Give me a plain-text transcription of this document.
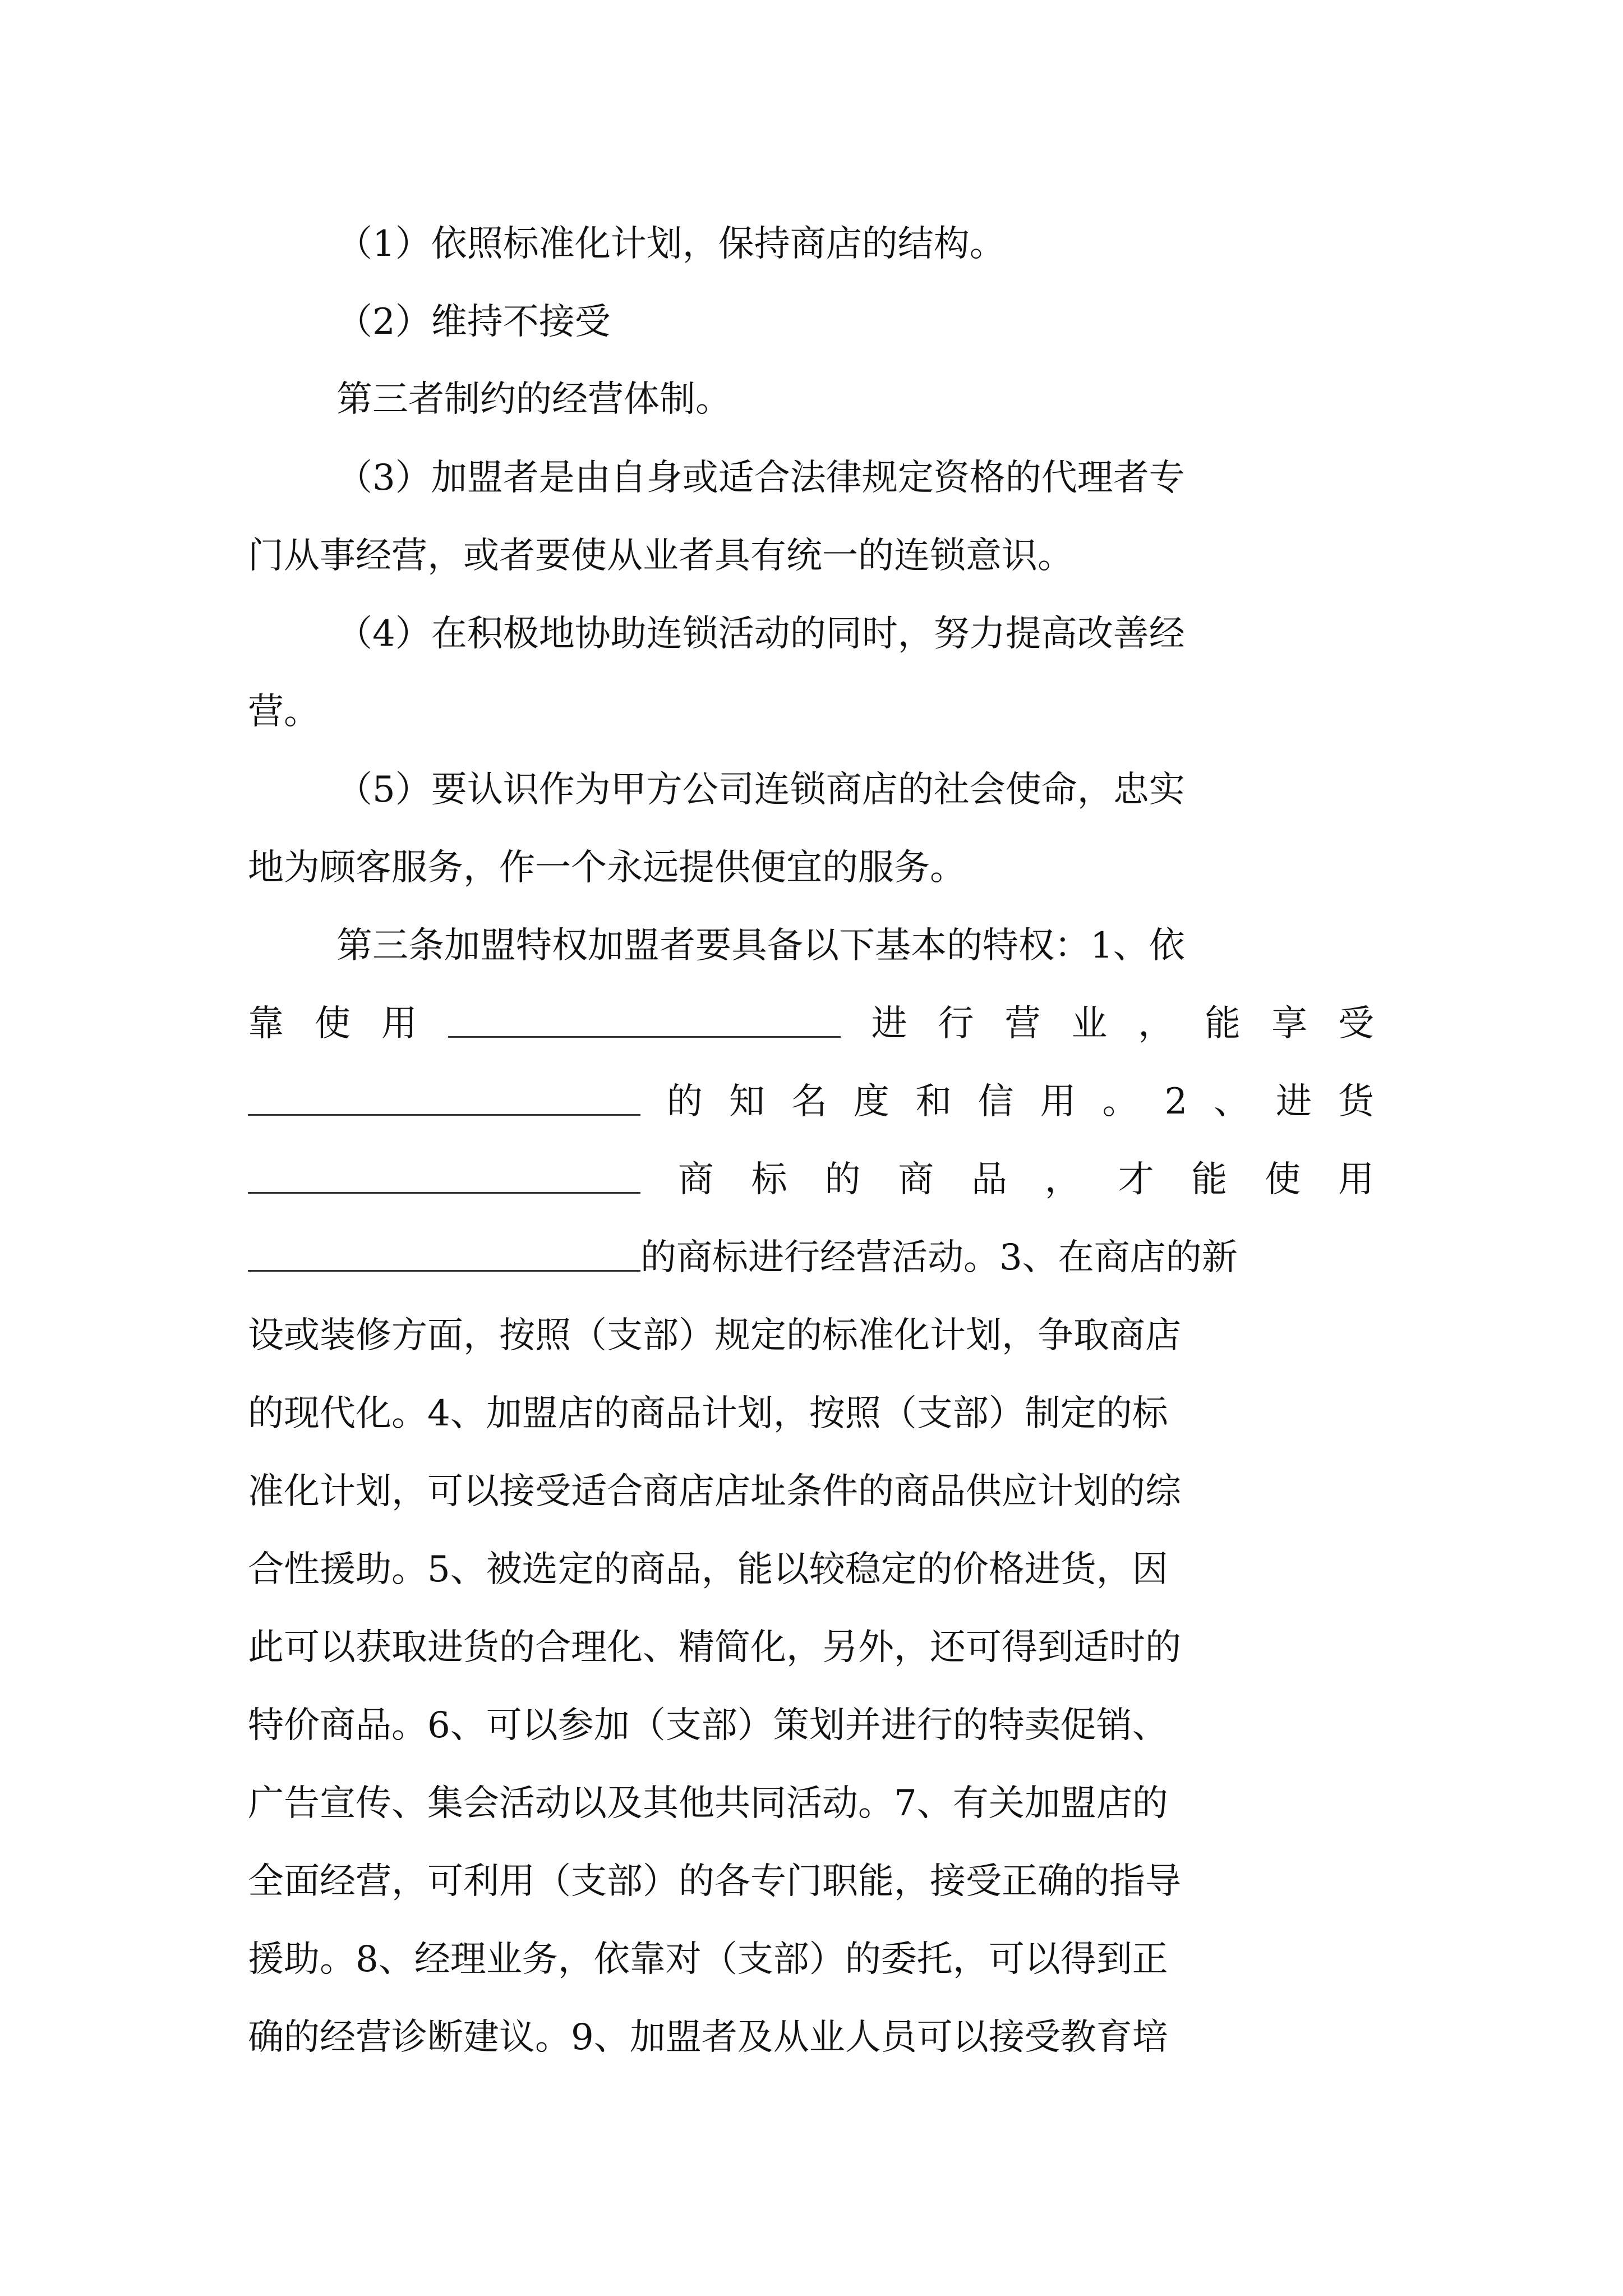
（1）依照标准化计划，保持商店的结构。
（2）维持不接受
第三者制约的经营体制。
（3）加盟者是由自身或适合法律规定资格的代理者专
门从事经营，或者要使从业者具有统一的连锁意识。
（4）在积极地协助连锁活动的同时，努力提高改善经
营。
（5）要认识作为甲方公司连锁商店的社会使命，忠实
地为顾客服务，作一个永远提供便宜的服务。
第三条加盟特权加盟者要具备以下基本的特权：1、依
靠 使 用	进 行 营 业 ， 能 享 受
的 知 名 度 和 信 用 。 2 、 进 货
商 标 的 商 品 ， 才 能 使 用
的商标进行经营活动。3、在商店的新
设或装修方面，按照（支部）规定的标准化计划，争取商店
的现代化。4、加盟店的商品计划，按照（支部）制定的标
准化计划，可以接受适合商店店址条件的商品供应计划的综
合性援助。5、被选定的商品，能以较稳定的价格进货，因
此可以获取进货的合理化、精简化，另外，还可得到适时的
特价商品。6、可以参加（支部）策划并进行的特卖促销、
广告宣传、集会活动以及其他共同活动。7、有关加盟店的
全面经营，可利用（支部）的各专门职能，接受正确的指导
援助。8、经理业务，依靠对（支部）的委托，可以得到正
确的经营诊断建议。9、加盟者及从业人员可以接受教育培
